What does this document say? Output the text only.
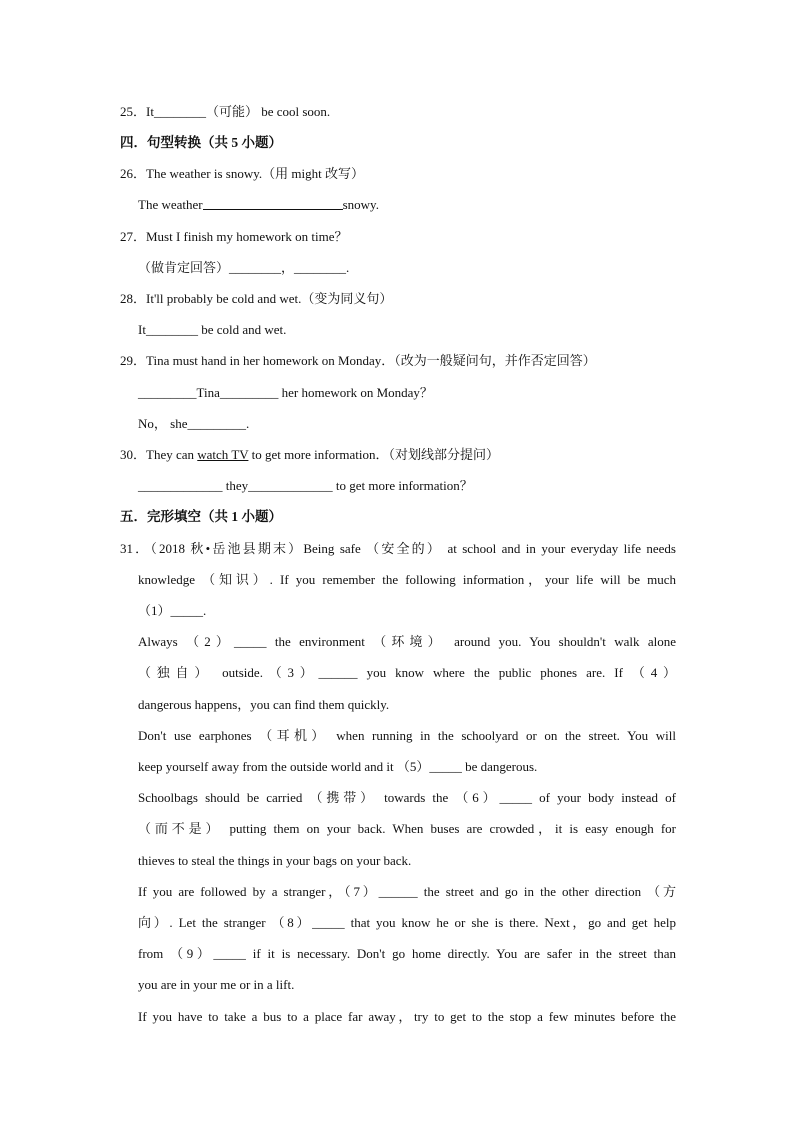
25．It________（可能） be cool soon.
四．句型转换（共 5 小题）
26．The weather is snowy.（用 might 改写）
The weather	snowy.
27．Must I finish my homework on time？
（做肯定回答）________，________.
28．It'll probably be cold and wet.（变为同义句）
It________ be cold and wet.
29．Tina must hand in her homework on Monday．（改为一般疑问句，并作否定回答）
_________Tina_________ her homework on Monday？
No， she_________.
30．They can watch TV to get more information．（对划线部分提问）
_____________ they_____________ to get more information？
五．完形填空（共 1 小题）
31．（2018 秋•岳池县期末）Being safe （安全的） at school and in your everyday life needs
knowledge （知识）. If you remember the following information，your life will be much
（1）_____.
Always （2）_____ the environment （环境） around you. You shouldn't walk alone
（独自） outside.（3）______ you know where the public phones are. If （4）
dangerous happens，you can find them quickly.
Don't use earphones （耳机） when running in the schoolyard or on the street. You will
keep yourself away from the outside world and it （5）_____ be dangerous.
Schoolbags should be carried （携带） towards the （6）_____ of your body instead of
（而不是） putting them on your back. When buses are crowded，it is easy enough for
thieves to steal the things in your bags on your back.
If you are followed by a stranger，（7）______ the street and go in the other direction （方
向）. Let the stranger （8）_____ that you know he or she is there. Next，go and get help
from （9）_____ if it is necessary. Don't go home directly. You are safer in the street than
you are in your me or in a lift.
If you have to take a bus to a place far away，try to get to the stop a few minutes before the
